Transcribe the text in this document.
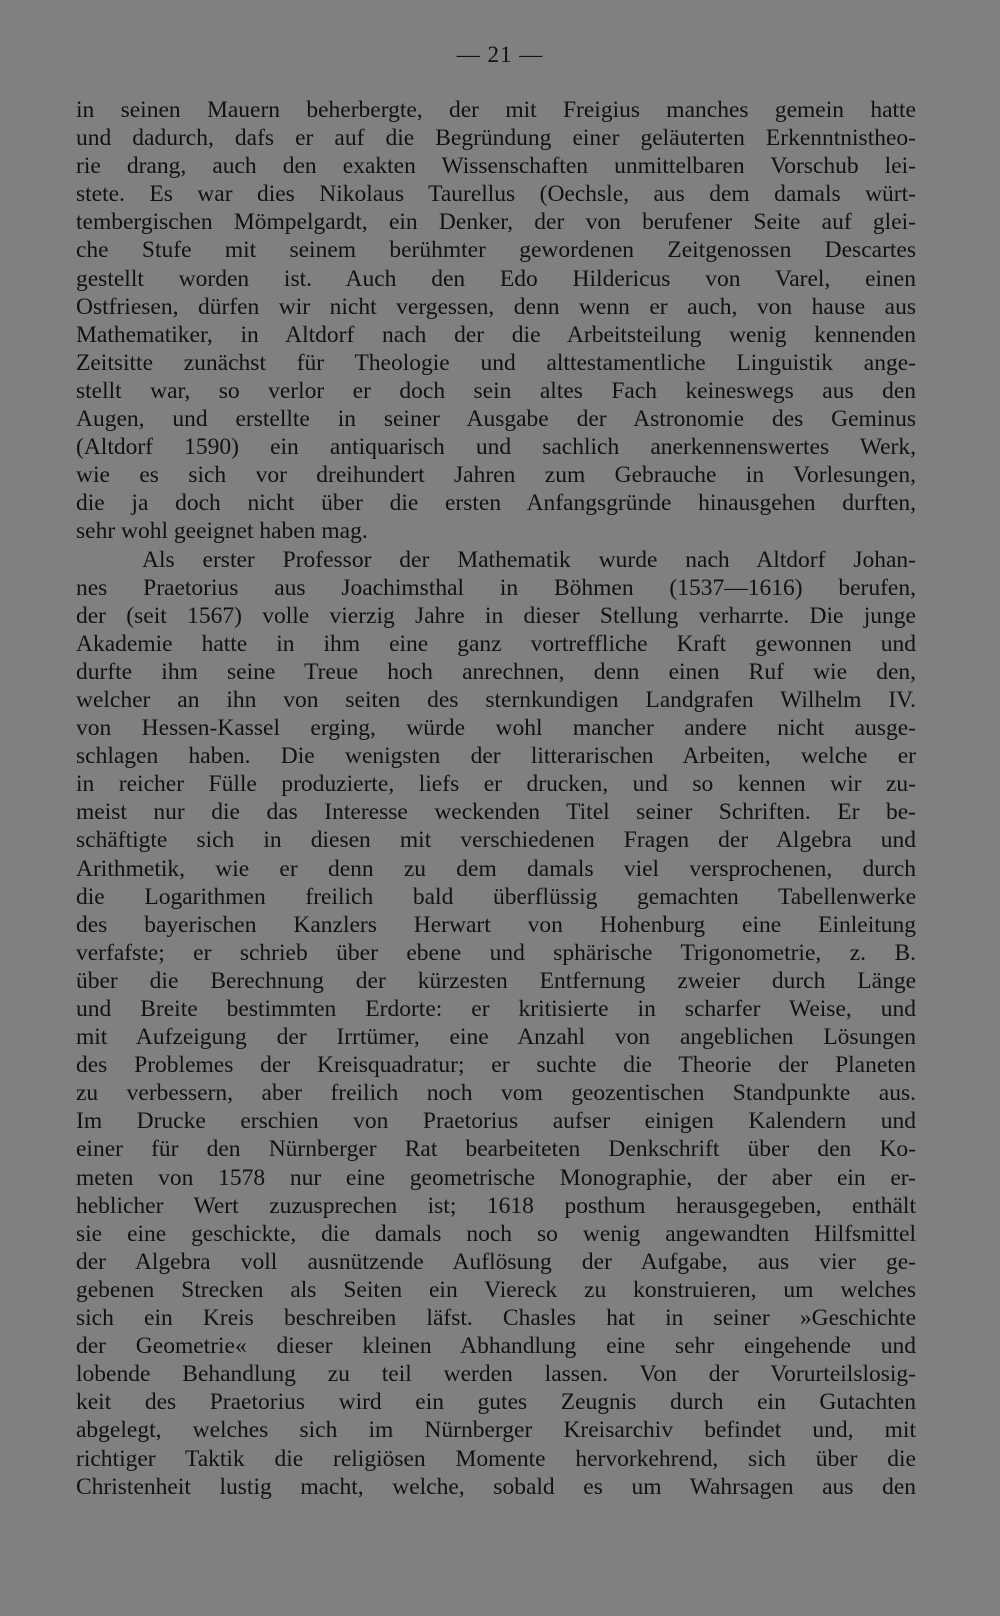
— 21 —
in seinen Mauern beherbergte, der mit Freigius manches gemein hatte
und dadurch, dafs er auf die Begründung einer geläuterten Erkenntnistheo-
rie drang, auch den exakten Wissenschaften unmittelbaren Vorschub lei-
stete. Es war dies Nikolaus Taurellus (Oechsle, aus dem damals würt-
tembergischen Mömpelgardt, ein Denker, der von berufener Seite auf glei-
che Stufe mit seinem berühmter gewordenen Zeitgenossen Descartes
gestellt worden ist. Auch den Edo Hildericus von Varel, einen
Ostfriesen, dürfen wir nicht vergessen, denn wenn er auch, von hause aus
Mathematiker, in Altdorf nach der die Arbeitsteilung wenig kennenden
Zeitsitte zunächst für Theologie und alttestamentliche Linguistik ange-
stellt war, so verlor er doch sein altes Fach keineswegs aus den
Augen, und erstellte in seiner Ausgabe der Astronomie des Geminus
(Altdorf 1590) ein antiquarisch und sachlich anerkennenswertes Werk,
wie es sich vor dreihundert Jahren zum Gebrauche in Vorlesungen,
die ja doch nicht über die ersten Anfangsgründe hinausgehen durften,
sehr wohl geeignet haben mag.
Als erster Professor der Mathematik wurde nach Altdorf Johan-
nes Praetorius aus Joachimsthal in Böhmen (1537—1616) berufen,
der (seit 1567) volle vierzig Jahre in dieser Stellung verharrte. Die junge
Akademie hatte in ihm eine ganz vortreffliche Kraft gewonnen und
durfte ihm seine Treue hoch anrechnen, denn einen Ruf wie den,
welcher an ihn von seiten des sternkundigen Landgrafen Wilhelm IV.
von Hessen-Kassel erging, würde wohl mancher andere nicht ausge-
schlagen haben. Die wenigsten der litterarischen Arbeiten, welche er
in reicher Fülle produzierte, liefs er drucken, und so kennen wir zu-
meist nur die das Interesse weckenden Titel seiner Schriften. Er be-
schäftigte sich in diesen mit verschiedenen Fragen der Algebra und
Arithmetik, wie er denn zu dem damals viel versprochenen, durch
die Logarithmen freilich bald überflüssig gemachten Tabellenwerke
des bayerischen Kanzlers Herwart von Hohenburg eine Einleitung
verfafste; er schrieb über ebene und sphärische Trigonometrie, z. B.
über die Berechnung der kürzesten Entfernung zweier durch Länge
und Breite bestimmten Erdorte: er kritisierte in scharfer Weise, und
mit Aufzeigung der Irrtümer, eine Anzahl von angeblichen Lösungen
des Problemes der Kreisquadratur; er suchte die Theorie der Planeten
zu verbessern, aber freilich noch vom geozentischen Standpunkte aus.
Im Drucke erschien von Praetorius aufser einigen Kalendern und
einer für den Nürnberger Rat bearbeiteten Denkschrift über den Ko-
meten von 1578 nur eine geometrische Monographie, der aber ein er-
heblicher Wert zuzusprechen ist; 1618 posthum herausgegeben, enthält
sie eine geschickte, die damals noch so wenig angewandten Hilfsmittel
der Algebra voll ausnützende Auflösung der Aufgabe, aus vier ge-
gebenen Strecken als Seiten ein Viereck zu konstruieren, um welches
sich ein Kreis beschreiben läfst. Chasles hat in seiner »Geschichte
der Geometrie« dieser kleinen Abhandlung eine sehr eingehende und
lobende Behandlung zu teil werden lassen. Von der Vorurteilslosig-
keit des Praetorius wird ein gutes Zeugnis durch ein Gutachten
abgelegt, welches sich im Nürnberger Kreisarchiv befindet und, mit
richtiger Taktik die religiösen Momente hervorkehrend, sich über die
Christenheit lustig macht, welche, sobald es um Wahrsagen aus den
